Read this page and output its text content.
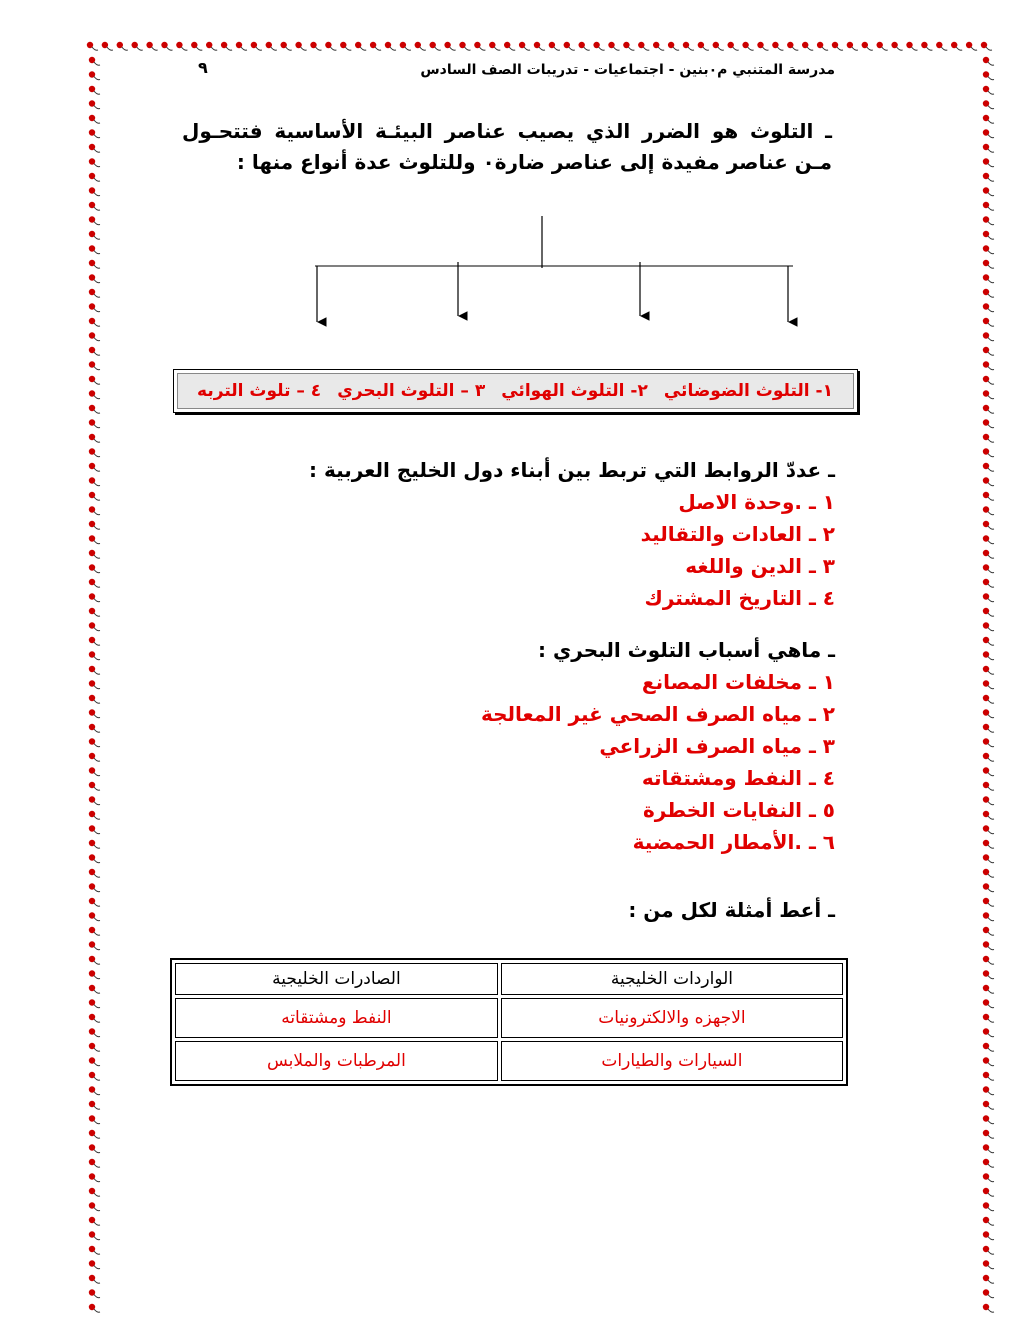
مدرسة المتنبي م٠بنين - اجتماعيات - تدريبات الصف السادس
٩
ـ التلوث هو الضرر الذي يصيب عناصر البيئـة الأساسية فتتحـول مـن عناصر مفيدة إلى عناصر ضارة٠ وللتلوث عدة أنواع منها :
١- التلوث الضوضائي
٢- التلوث الهوائي
٣ – التلوث البحري
٤ – تلوث التربه
ـ عددّ الروابط التي تربط بين أبناء دول الخليج العربية :
١ ـ .وحدة الاصل
٢ ـ العادات والتقاليد
٣ ـ الدين واللغه
٤ ـ التاريخ المشترك
ـ ماهي أسباب التلوث البحري :
١ ـ مخلفات المصانع
٢ ـ مياه الصرف الصحي غير المعالجة
٣ ـ مياه الصرف الزراعي
٤ ـ النفط ومشتقاته
٥ ـ النفايات الخطرة
٦ ـ .الأمطار الحمضية
ـ أعط أمثلة لكل من :
الواردات الخليجية	الصادرات الخليجية
الاجهزه والالكترونيات	النفط ومشتقاته
السيارات والطيارات	المرطبات والملابس
